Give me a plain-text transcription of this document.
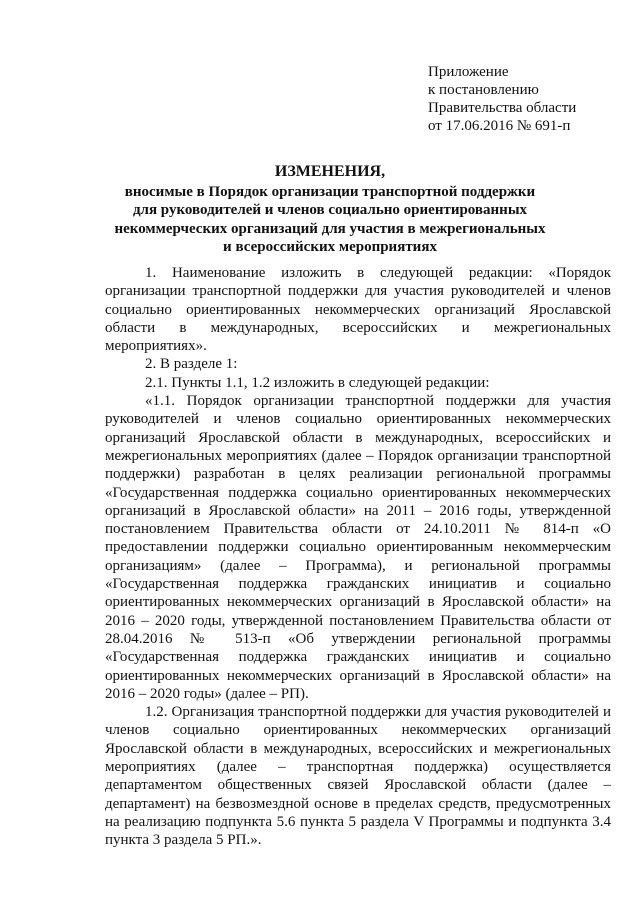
Приложение
к постановлению
Правительства области
от 17.06.2016 № 691-п
ИЗМЕНЕНИЯ,
вносимые в Порядок организации транспортной поддержки
для руководителей и членов социально ориентированных
некоммерческих организаций для участия в межрегиональных
и всероссийских мероприятиях

1. Наименование изложить в следующей редакции: «Порядок организации транспортной поддержки для участия руководителей и членов социально ориентированных некоммерческих организаций Ярославской области в международных, всероссийских и межрегиональных мероприятиях».

2. В разделе 1:

2.1. Пункты 1.1, 1.2 изложить в следующей редакции:

«1.1. Порядок организации транспортной поддержки для участия руководителей и членов социально ориентированных некоммерческих организаций Ярославской области в международных, всероссийских и межрегиональных мероприятиях (далее – Порядок организации транспортной поддержки) разработан в целях реализации региональной программы «Государственная поддержка социально ориентированных некоммерческих организаций в Ярославской области» на 2011 – 2016 годы, утвержденной постановлением Правительства области от 24.10.2011 № 814-п «О предоставлении поддержки социально ориентированным некоммерческим организациям» (далее – Программа), и региональной программы «Государственная поддержка гражданских инициатив и социально ориентированных некоммерческих организаций в Ярославской области» на 2016 – 2020 годы, утвержденной постановлением Правительства области от 28.04.2016 № 513-п «Об утверждении региональной программы «Государственная поддержка гражданских инициатив и социально ориентированных некоммерческих организаций в Ярославской области» на 2016 – 2020 годы» (далее – РП).

1.2. Организация транспортной поддержки для участия руководителей и членов социально ориентированных некоммерческих организаций Ярославской области в международных, всероссийских и межрегиональных мероприятиях (далее – транспортная поддержка) осуществляется департаментом общественных связей Ярославской области (далее – департамент) на безвозмездной основе в пределах средств, предусмотренных на реализацию подпункта 5.6 пункта 5 раздела V Программы и подпункта 3.4 пункта 3 раздела 5 РП.».
